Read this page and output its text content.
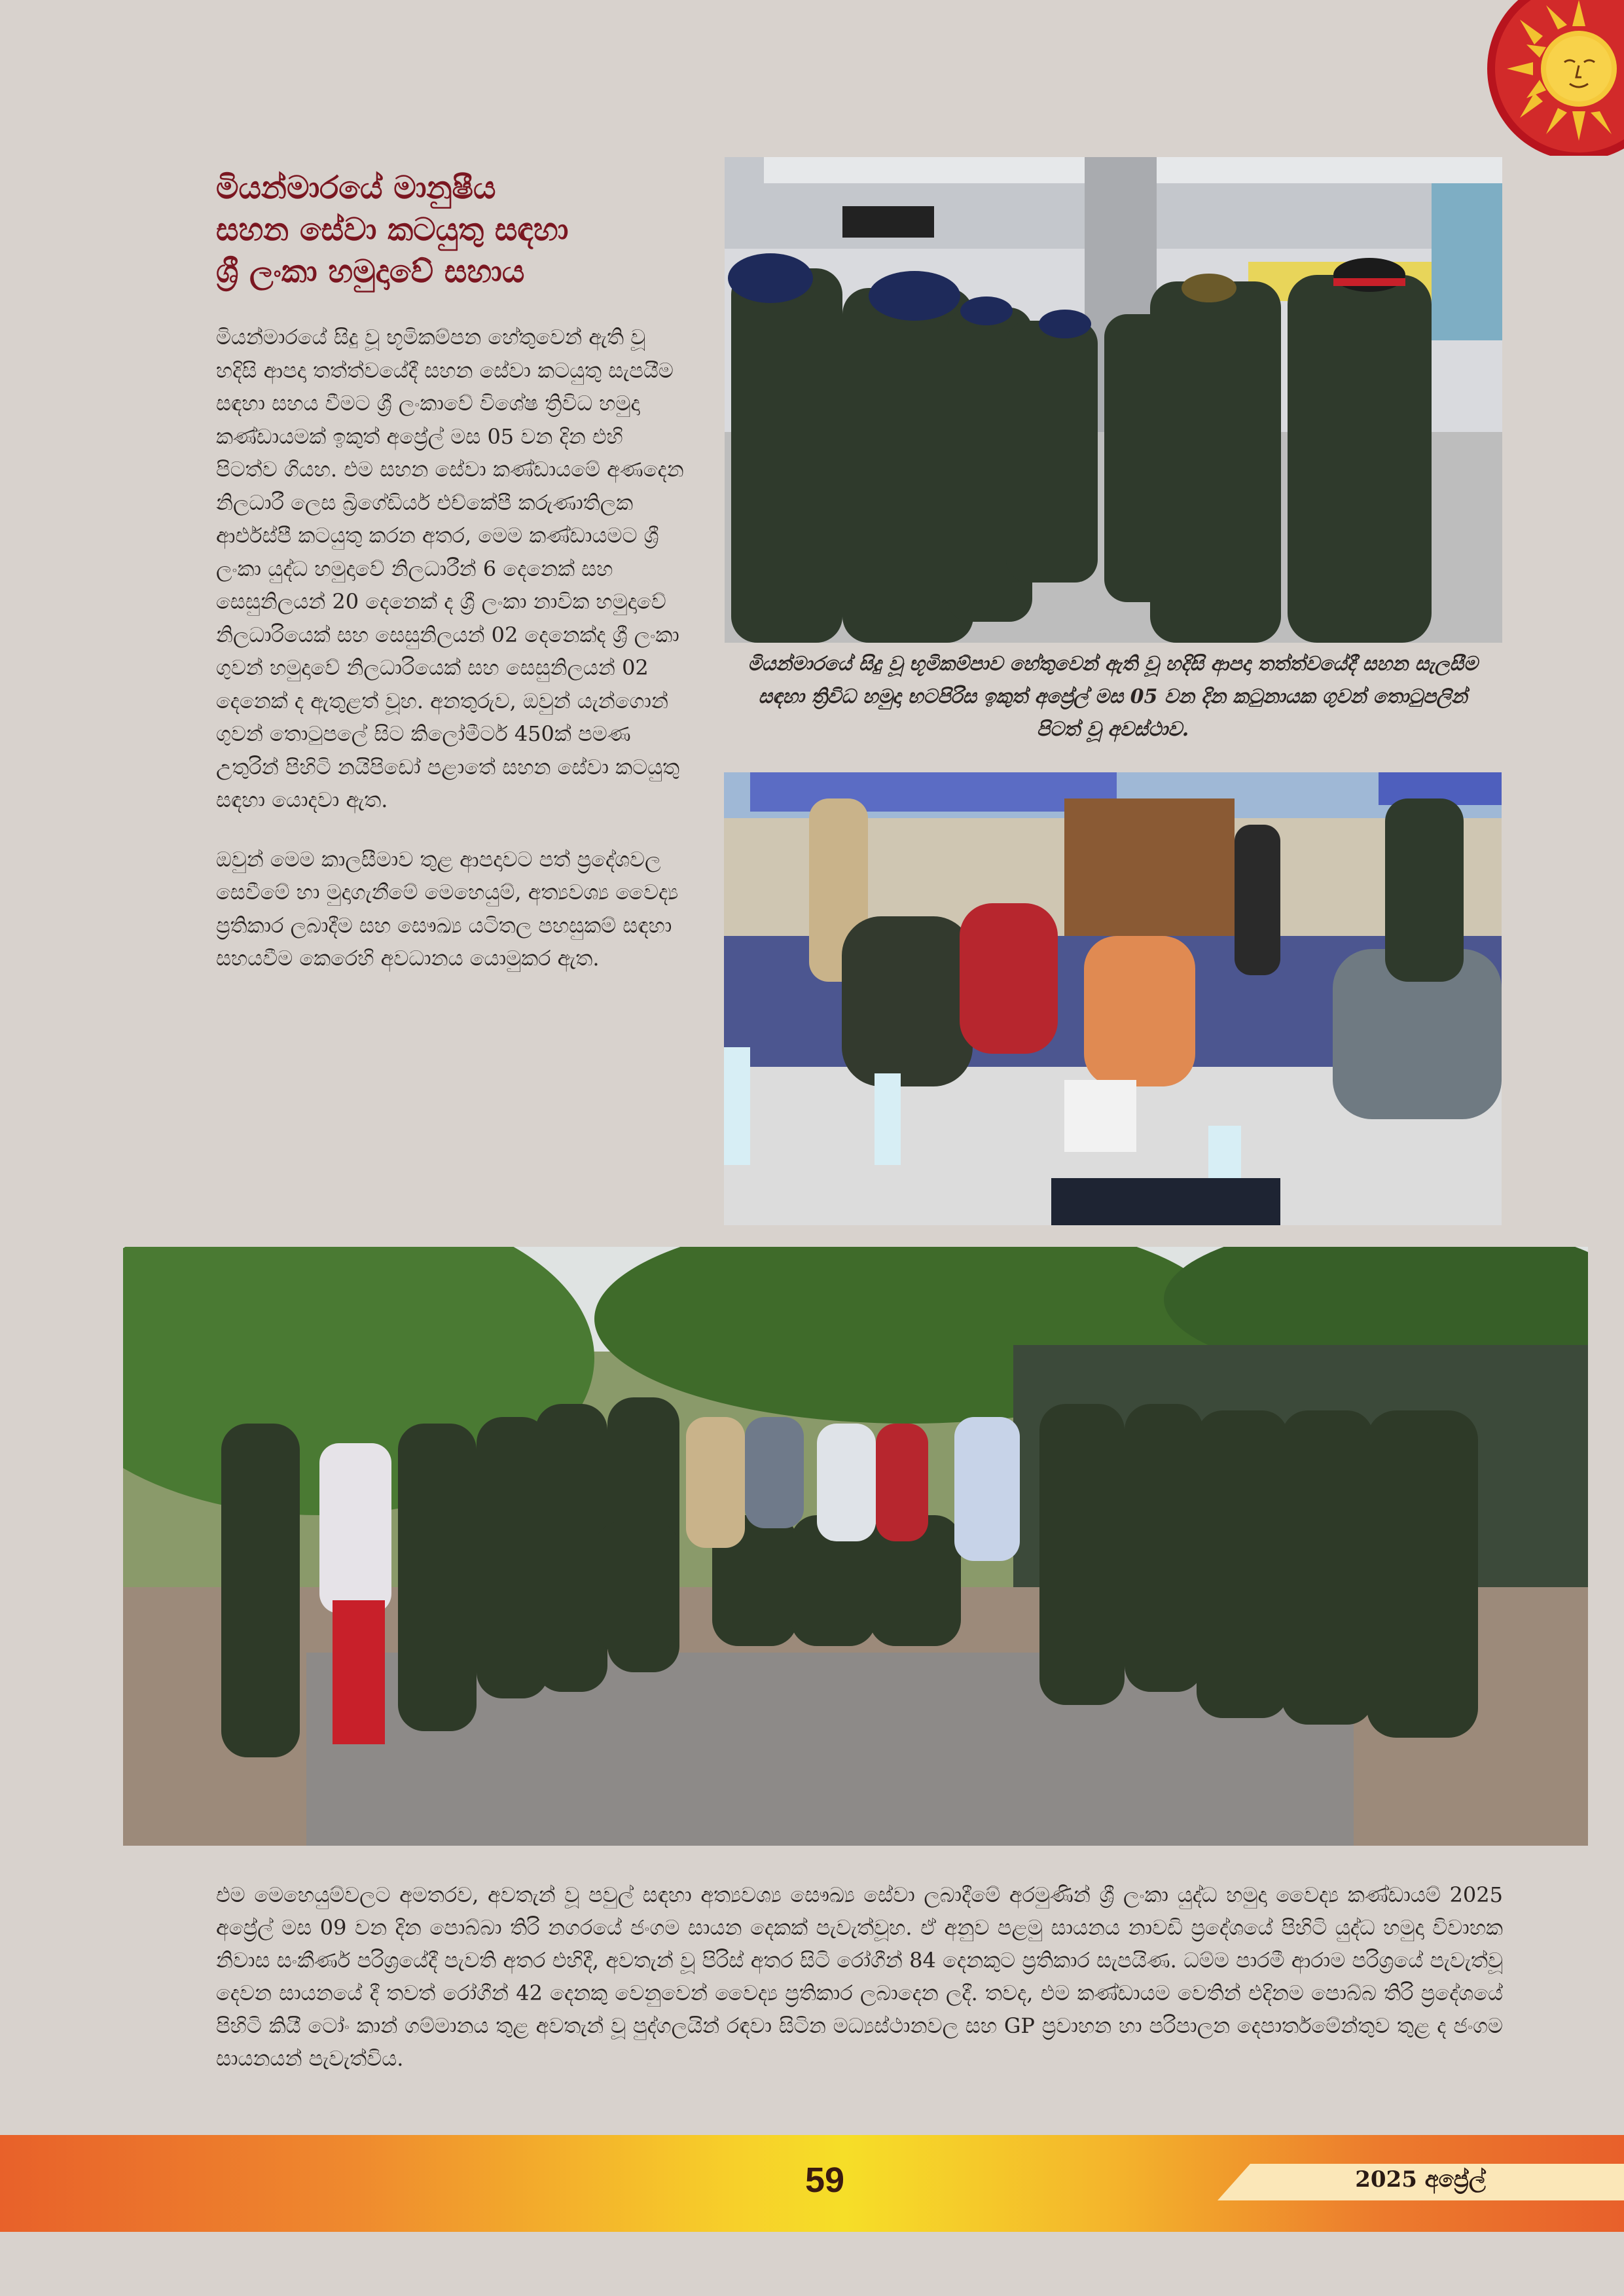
මියන්මාරයේ මානුෂීය
සහන සේවා කටයුතු සඳහා
ශ්‍රී ලංකා හමුදාවේ සහාය

මියන්මාරයේ සිදු වූ භූමිකම්පන හේතුවෙන් ඇති වූ හදිසි ආපදා තත්ත්වයේදී සහන සේවා කටයුතු සැපයීම සඳහා සහය වීමට ශ්‍රී ලංකාවේ විශේෂ ත්‍රිවිධ හමුදා කණ්ඩායමක් ඉකුත් අප්‍රේල් මස 05 වන දින එහි පිටත්ව ගියහ. එම සහන සේවා කණ්ඩායමේ අණදෙන නිලධාරී ලෙස බ්‍රිගේඩියර් එච්කේපී කරුණාතිලක ආර්එස්පී කටයුතු කරන අතර, මෙම කණ්ඩායමට ශ්‍රී ලංකා යුද්ධ හමුදාවේ නිලධාරීන් 6 දෙනෙක් සහ සෙසුනිලයන් 20 දෙනෙක් ද ශ්‍රී ලංකා නාවික හමුදාවේ නිලධාරියෙක් සහ සෙසුනිලයන් 02 දෙනෙක්ද ශ්‍රී ලංකා ගුවන් හමුදාවේ නිලධාරියෙක් සහ සෙසුනිලයන් 02 දෙනෙක් ද ඇතුළත් වූහ. අනතුරුව, ඔවුන් යැන්ගොන් ගුවන් තොටුපලේ සිට කිලෝමීටර් 450ක් පමණ උතුරින් පිහිටි නයිපිඩෝ පළාතේ සහන සේවා කටයුතු සඳහා යොදවා ඇත.

ඔවුන් මෙම කාලසීමාව තුළ ආපදාවට පත් ප්‍රදේශවල සෙවීමේ හා මුදාගැනීමේ මෙහෙයුම්, අත්‍යවශ්‍ය වෛද්‍ය ප්‍රතිකාර ලබාදීම සහ සෞඛ්‍ය යටිතල පහසුකම් සඳහා සහයවීම කෙරෙහි අවධානය යොමුකර ඇත.

මියන්මාරයේ සිදු වූ භූමිකම්පාව හේතුවෙන් ඇති වූ හදිසි ආපදා තත්ත්වයේදී සහන සැලසීම සඳහා ත්‍රිවිධ හමුදා භටපිරිස ඉකුත් අප්‍රේල් මස 05 වන දින කටුනායක ගුවන් තොටුපලින් පිටත් වූ අවස්ථාව.

එම මෙහෙයුම්වලට අමතරව, අවතැන් වූ පවුල් සඳහා අත්‍යවශ්‍ය සෞඛ්‍ය සේවා ලබාදීමේ අරමුණින් ශ්‍රී ලංකා යුද්ධ හමුදා වෛද්‍ය කණ්ඩායම් 2025 අප්‍රේල් මස 09 වන දින පොබ්බා තිරි නගරයේ ජංගම සායන දෙකක් පැවැත්වූහ. ඒ අනුව පළමු සායනය නාවඩි ප්‍රදේශයේ පිහිටි යුද්ධ හමුදා විවාහක නිවාස සංකීර්ණ පරිශ්‍රයේදී පැවති අතර එහිදී, අවතැන් වූ පිරිස් අතර සිටි රෝගීන් 84 දෙනකුට ප්‍රතිකාර සැපයිණ. ධම්ම පාරමී ආරාම පරිශ්‍රයේ පැවැත්වූ දෙවන සායනයේ දී තවත් රෝගීන් 42 දෙනකු වෙනුවෙන් වෛද්‍ය ප්‍රතිකාර ලබාදෙන ලදී. තවද, එම කණ්ඩායම වෙතින් එදිනම පොබ්බ තිරි ප්‍රදේශයේ පිහිටි කියී ටෝං කාන් ගම්මානය තුළ අවතැන් වූ පුද්ගලයින් රඳවා සිටින මධ්‍යස්ථානවල සහ GP ප්‍රවාහන හා පරිපාලන දෙපාර්තමේන්තුව තුළ ද ජංගම සායනයන් පැවැත්විය.

59	2025 අප්‍රේල්
